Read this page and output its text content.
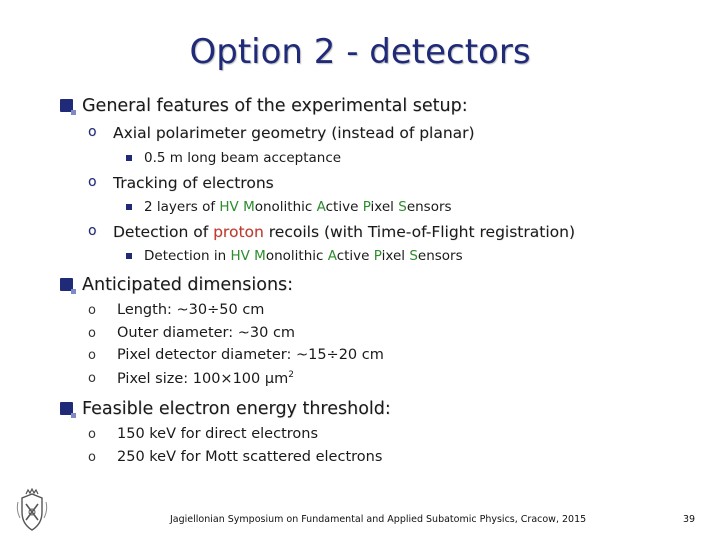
Option 2 - detectors
General features of the experimental setup:
o Axial polarimeter geometry (instead of planar)
0.5 m long beam acceptance
o Tracking of electrons
2 layers of HV Monolithic Active Pixel Sensors
o Detection of proton recoils (with Time-of-Flight registration)
Detection in HV Monolithic Active Pixel Sensors
Anticipated dimensions:
o Length: ~30÷50 cm
o Outer diameter: ~30 cm
o Pixel detector diameter: ~15÷20 cm
o Pixel size: 100×100 $\mu m^2$
Feasible electron energy threshold:
o 150 keV for direct electrons
o 250 keV for Mott scattered electrons
Jagiellonian Symposium on Fundamental and Applied Subatomic Physics, Cracow, 2015	39
